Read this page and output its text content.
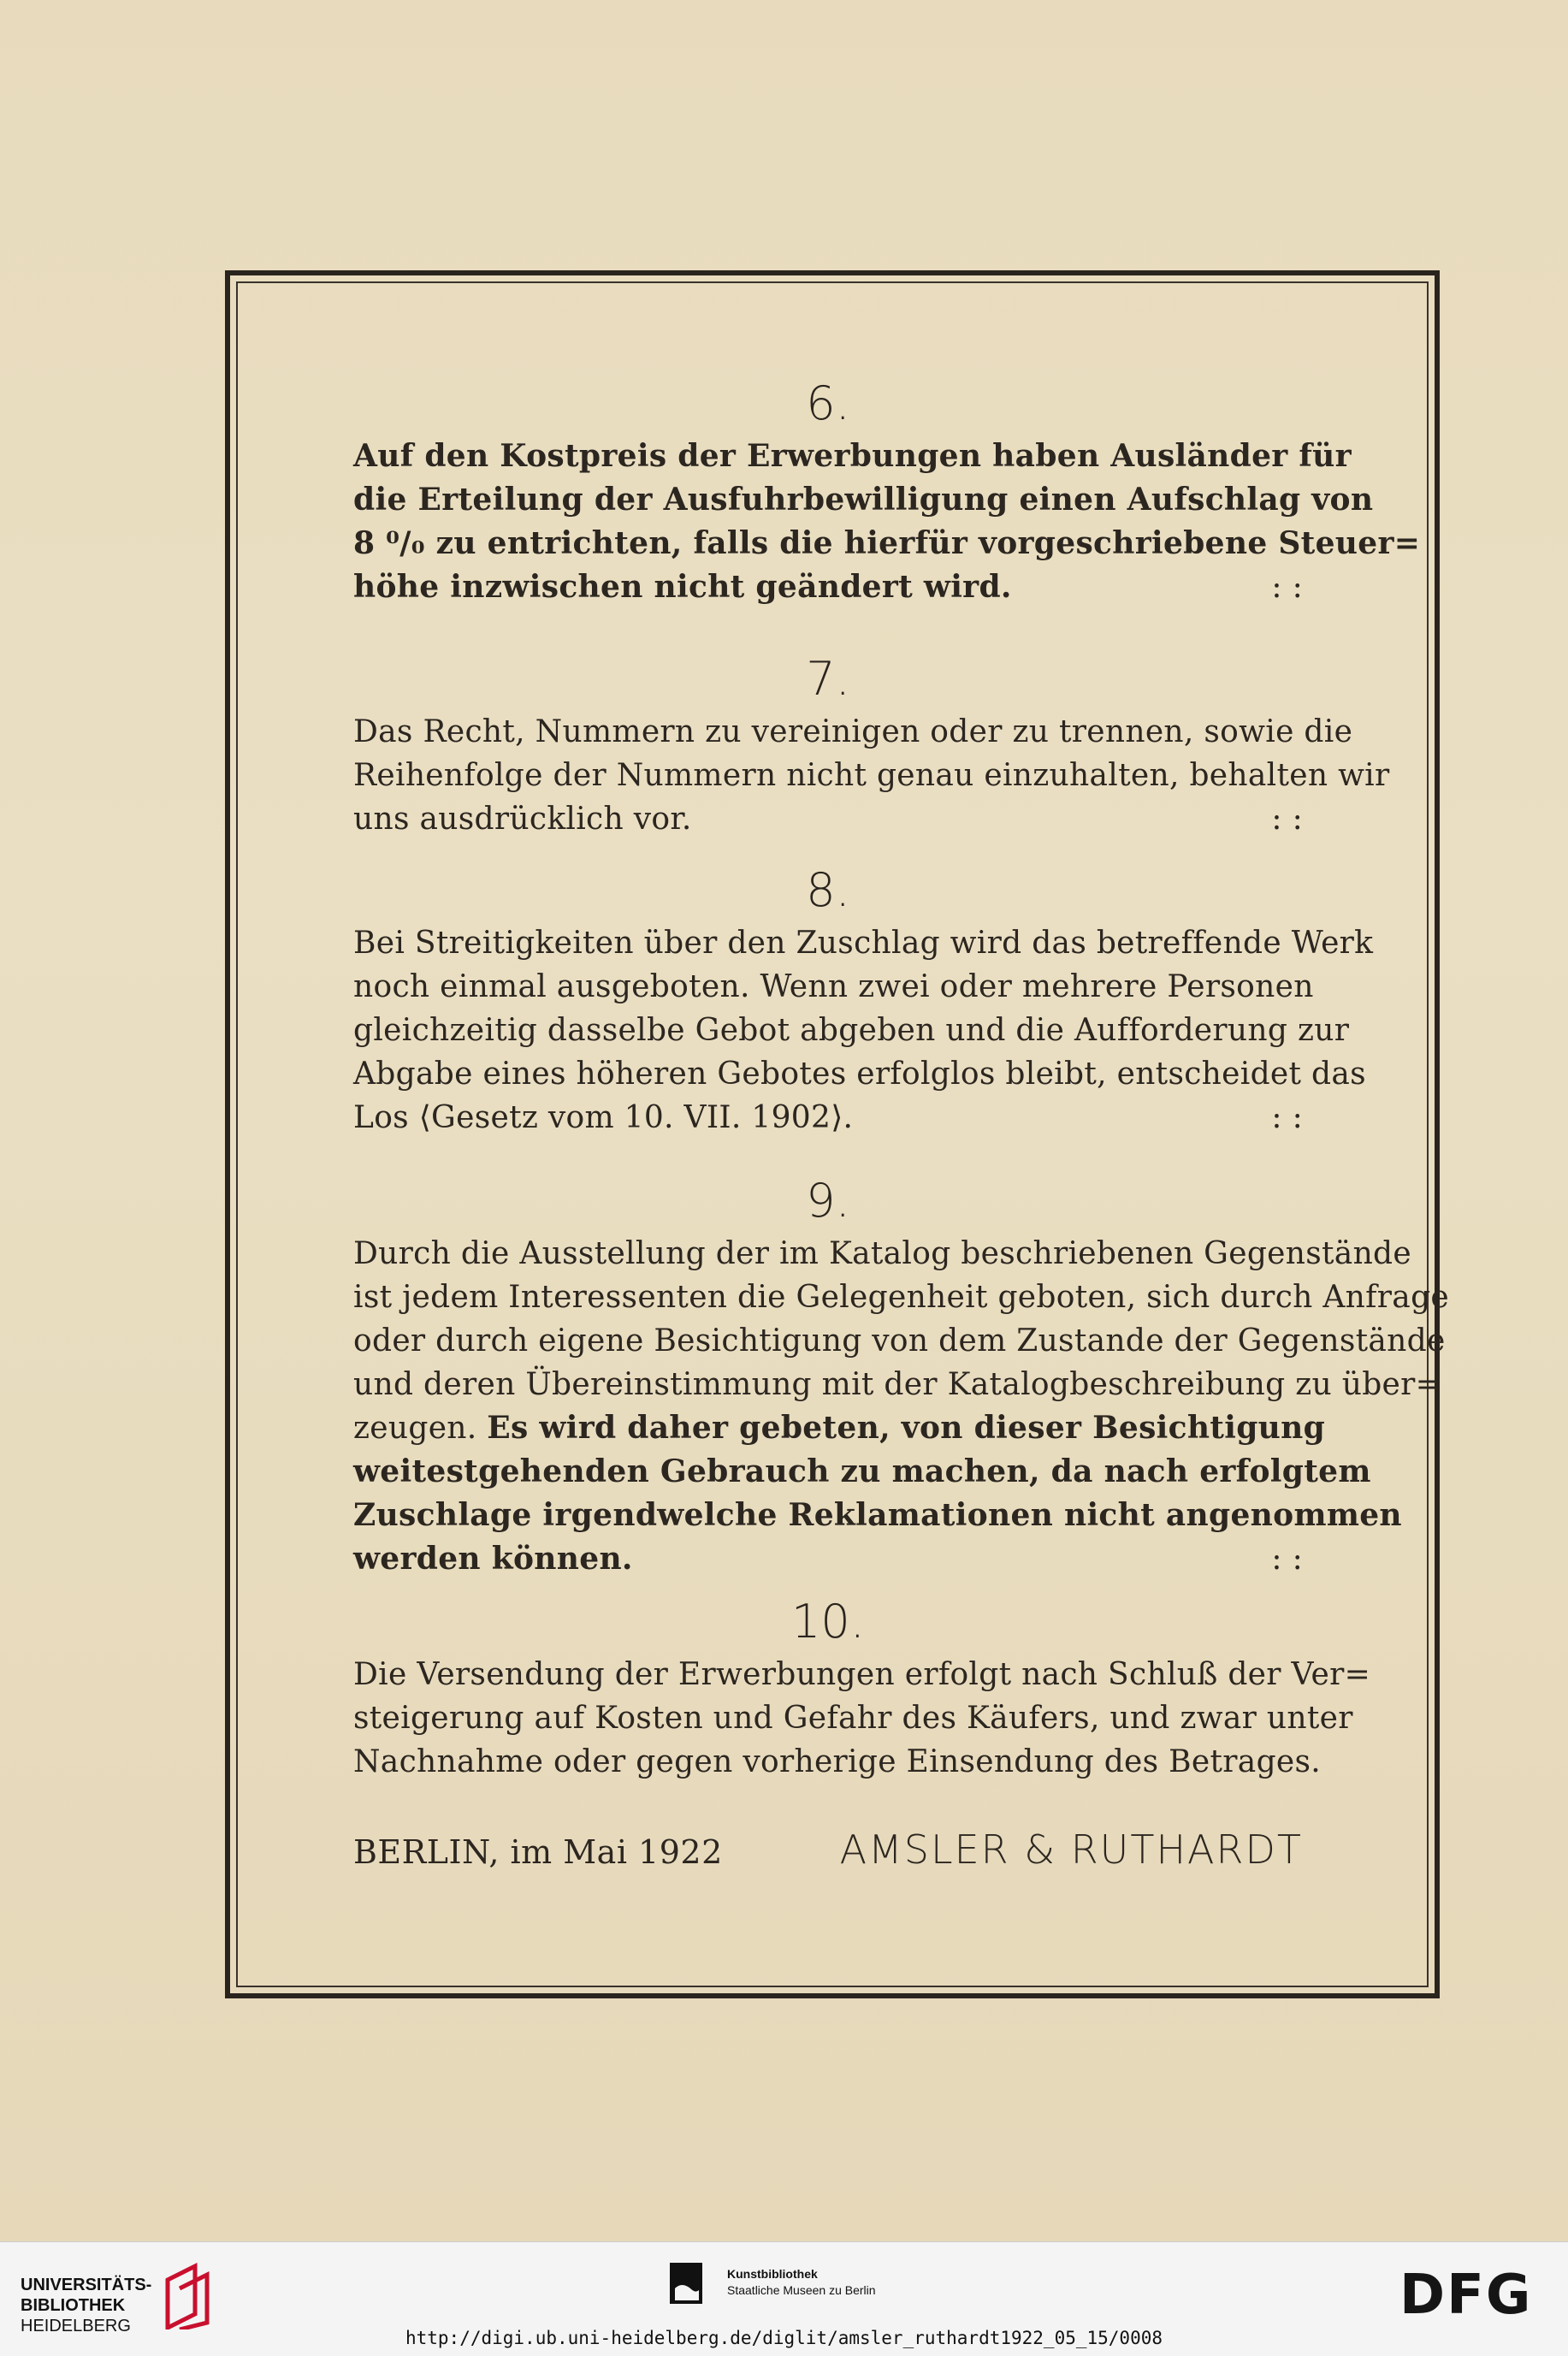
6.

Auf den Kostpreis der Erwerbungen haben Ausländer für
die Erteilung der Ausfuhrbewilligung einen Aufschlag von
8 ⁰/₀ zu entrichten, falls die hierfür vorgeschriebene Steuer=
höhe inzwischen nicht geändert wird.	: :

7.

Das Recht, Nummern zu vereinigen oder zu trennen, sowie die
Reihenfolge der Nummern nicht genau einzuhalten, behalten wir
uns ausdrücklich vor.	: :

8.

Bei Streitigkeiten über den Zuschlag wird das betreffende Werk
noch einmal ausgeboten. Wenn zwei oder mehrere Personen
gleichzeitig dasselbe Gebot abgeben und die Aufforderung zur
Abgabe eines höheren Gebotes erfolglos bleibt, entscheidet das
Los ⟨Gesetz vom 10. VII. 1902⟩.	: :

9.

Durch die Ausstellung der im Katalog beschriebenen Gegenstände
ist jedem Interessenten die Gelegenheit geboten, sich durch Anfrage
oder durch eigene Besichtigung von dem Zustande der Gegenstände
und deren Übereinstimmung mit der Katalogbeschreibung zu über=
zeugen. Es wird daher gebeten, von dieser Besichtigung
weitestgehenden Gebrauch zu machen, da nach erfolgtem
Zuschlage irgendwelche Reklamationen nicht angenommen
werden können.	: :

10.

Die Versendung der Erwerbungen erfolgt nach Schluß der Ver=
steigerung auf Kosten und Gefahr des Käufers, und zwar unter
Nachnahme oder gegen vorherige Einsendung des Betrages.

BERLIN, im Mai 1922	AMSLER & RUTHARDT
UNIVERSITÄTS-
BIBLIOTHEK
HEIDELBERG
Kunstbibliothek
Staatliche Museen zu Berlin	DFG
http://digi.ub.uni-heidelberg.de/diglit/amsler_ruthardt1922_05_15/0008
